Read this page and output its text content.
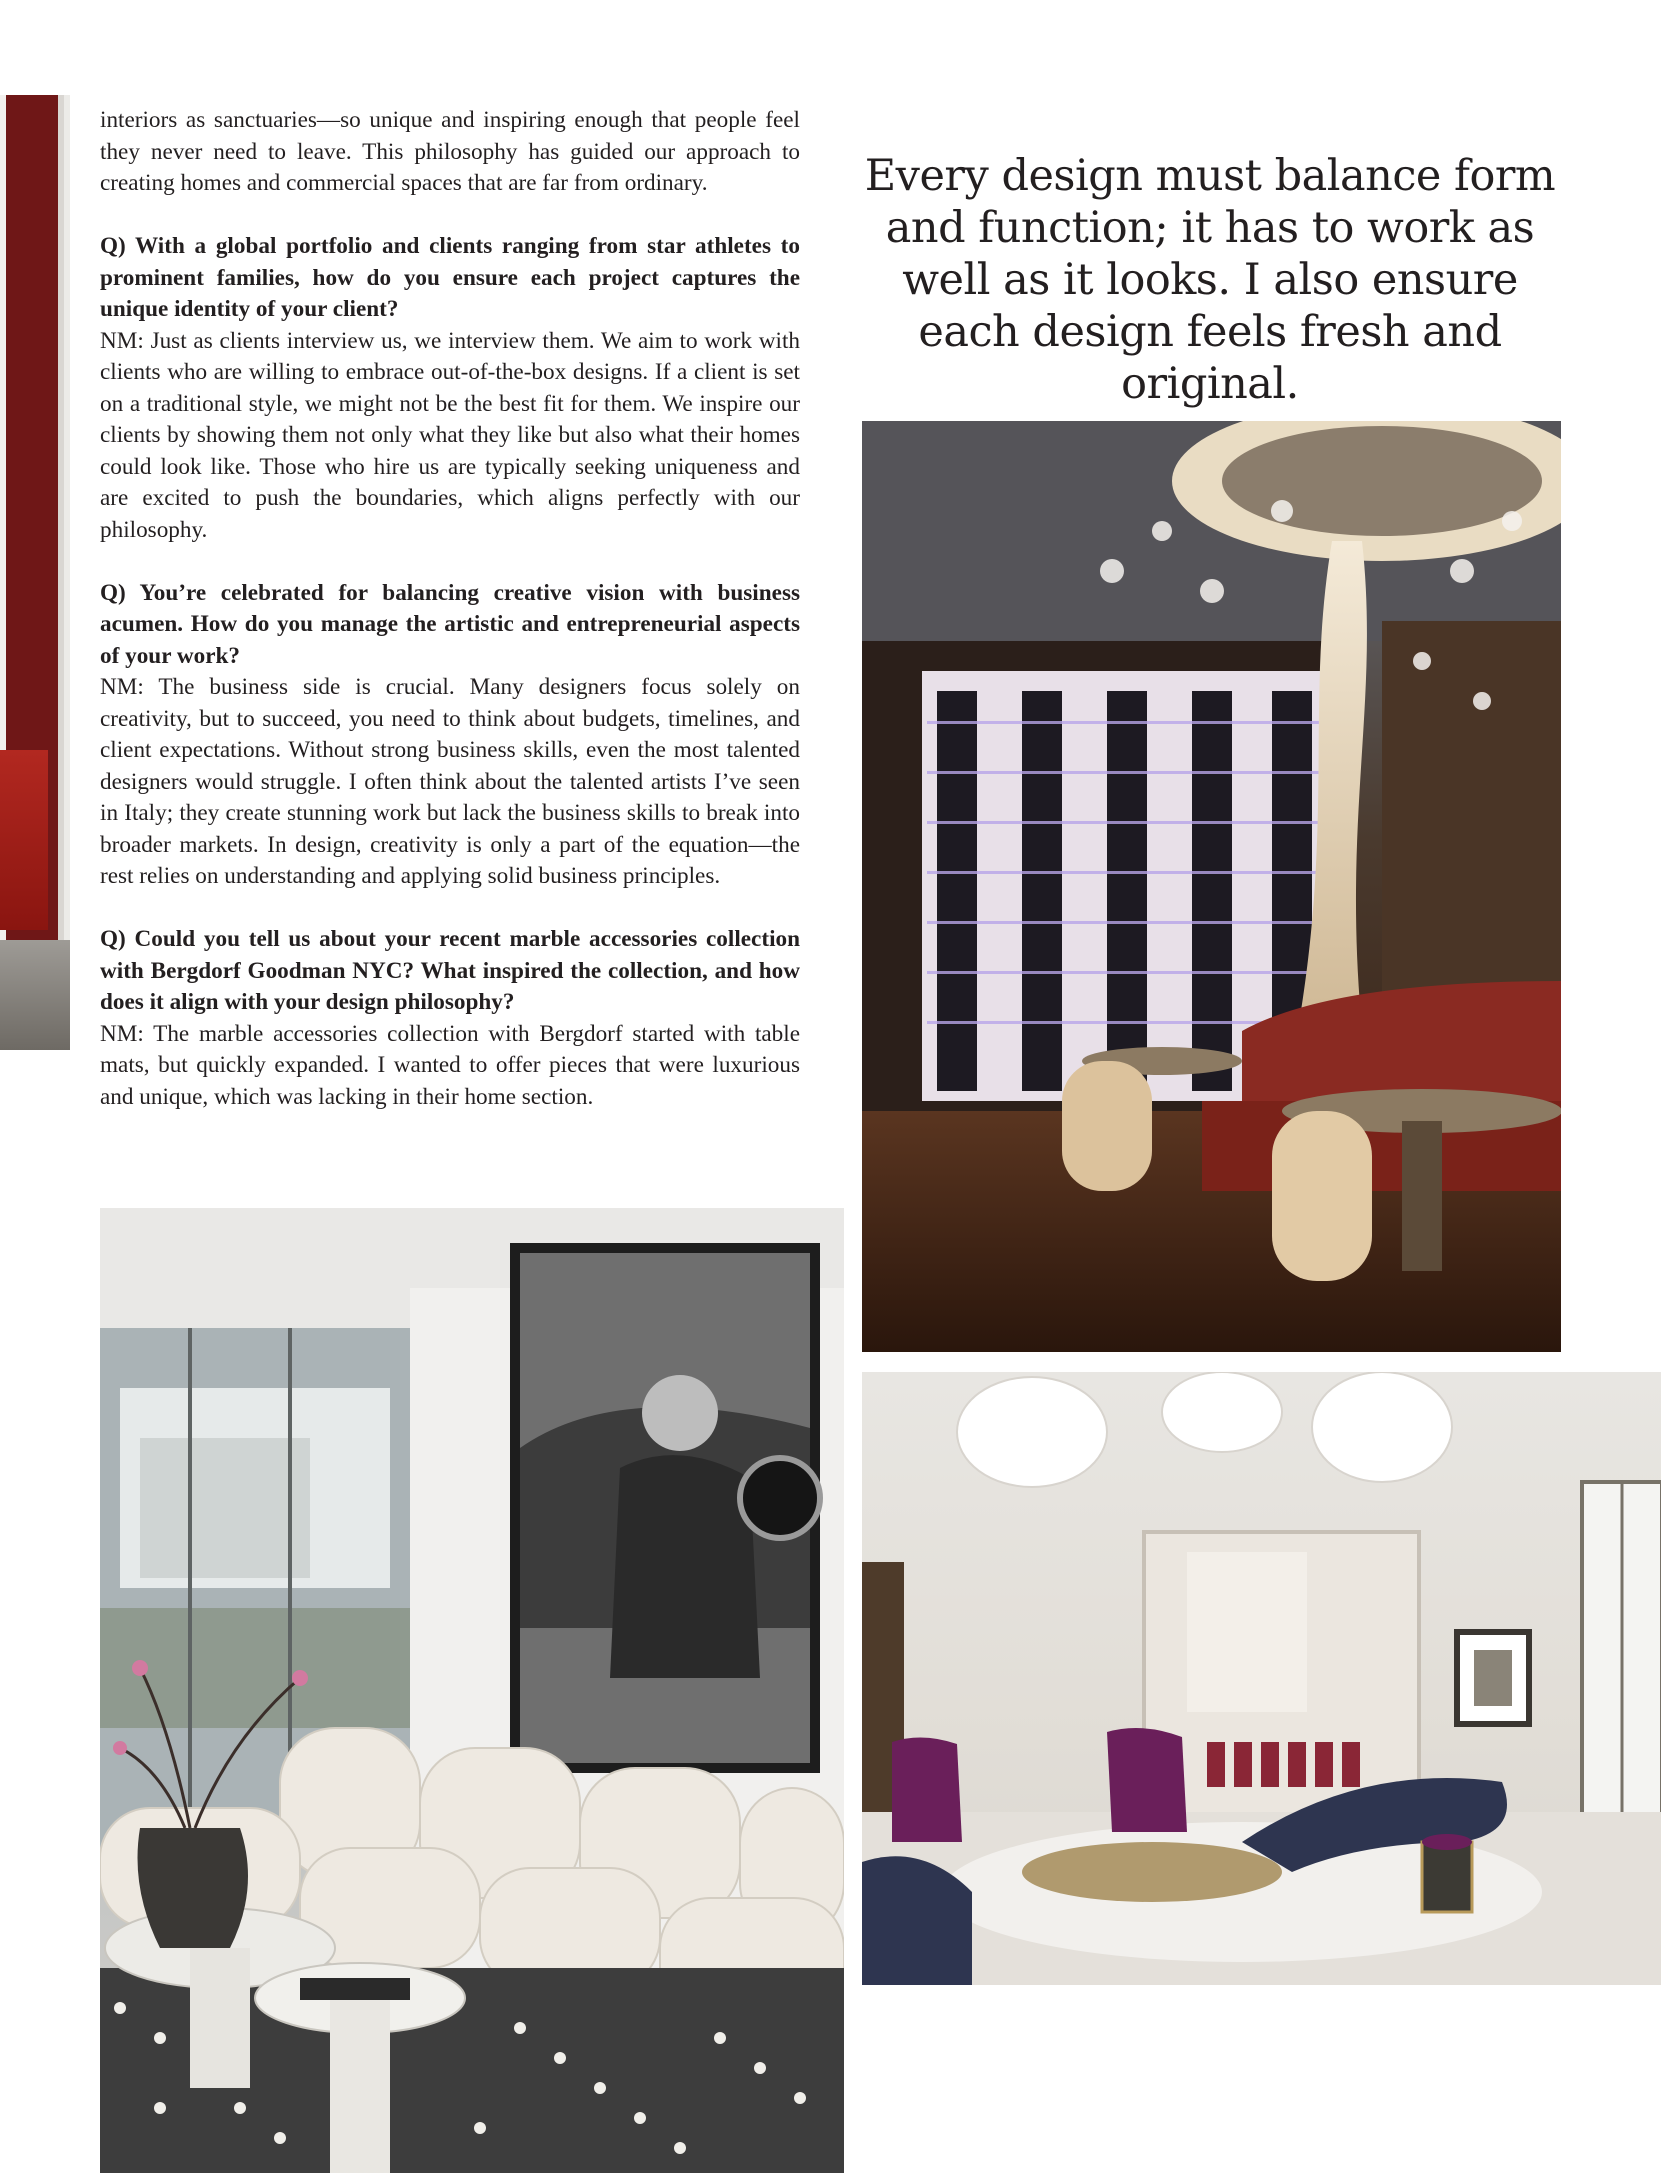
interiors as sanctuaries—so unique and inspiring enough that people feel they never need to leave. This philosophy has guided our approach to creating homes and commercial spaces that are far from ordinary.

Q) With a global portfolio and clients ranging from star athletes to prominent families, how do you ensure each project captures the unique identity of your client?

NM: Just as clients interview us, we interview them. We aim to work with clients who are willing to embrace out-of-the-box designs. If a client is set on a traditional style, we might not be the best fit for them. We inspire our clients by showing them not only what they like but also what their homes could look like. Those who hire us are typically seeking uniqueness and are excited to push the boundaries, which aligns perfectly with our philosophy.

Q) You’re celebrated for balancing creative vision with business acumen. How do you manage the artistic and entrepreneurial aspects of your work?

NM: The business side is crucial. Many designers focus solely on creativity, but to succeed, you need to think about budgets, timelines, and client expectations. Without strong business skills, even the most talented designers would struggle. I often think about the talented artists I’ve seen in Italy; they create stunning work but lack the business skills to break into broader markets. In design, creativity is only a part of the equation—the rest relies on understanding and applying solid business principles.

Q) Could you tell us about your recent marble accessories collection with Bergdorf Goodman NYC? What inspired the collection, and how does it align with your design philosophy?

NM: The marble accessories collection with Bergdorf started with table mats, but quickly expanded. I wanted to offer pieces that were luxurious and unique, which was lacking in their home section.

Every design must balance form and function; it has to work as well as it looks. I also ensure each design feels fresh and original.
